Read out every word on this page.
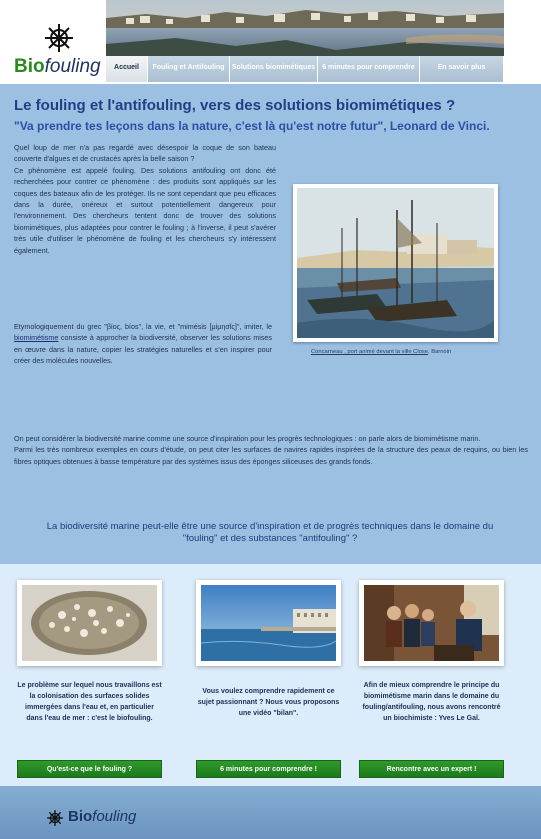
Biofouling	Accueil	Fouling et Antifouling	Solutions biomimétiques	6 minutes pour comprendre	En savoir plus
Le fouling et l'antifouling, vers des solutions biomimétiques ?
"Va prendre tes leçons dans la nature, c'est là qu'est notre futur", Leonard de Vinci.
Quel loup de mer n'a pas regardé avec désespoir la coque de son bateau couverte d'algues et de crustacés après la belle saison ?
Ce phénomène est appelé fouling. Des solutions antifouling ont donc été recherchées pour contrer ce phénomène : des produits sont appliqués sur les coques des bateaux afin de les protéger. Ils ne sont cependant que peu efficaces dans la durée, onéreux et surtout potentiellement dangereux pour l'environnement. Des chercheurs tentent donc de trouver des solutions biomimétiques, plus adaptées pour contrer le fouling ; à l'inverse, il peut s'avérer très utile d'utiliser le phénomène de fouling et les chercheurs s'y intéressent également.
Etymologiquement du grec "βίος, bíos", la vie, et "mimésis [μίμησῐς]", imiter, le biomimétisme consiste à approcher la biodiversité, observer les solutions mises en œuvre dans la nature, copier les stratégies naturelles et s'en inspirer pour créer des molécules nouvelles.
Concarneau , port animé devant la ville Close, Barnoin
On peut considérer la biodiversité marine comme une source d'inspiration pour les progrès technologiques : on parle alors de biomimétisme marin.
Parmi les très nombreux exemples en cours d'étude, on peut citer les surfaces de navires rapides inspirées de la structure des peaux de requins, ou bien les fibres optiques obtenues à basse température par des systèmes issus des éponges siliceuses des grands fonds.

La biodiversité marine peut-elle être une source d'inspiration et de progrès techniques dans le domaine du "fouling" et des substances "antifouling" ?

Le problème sur lequel nous travaillons est la colonisation des surfaces solides immergées dans l'eau et, en particulier dans l'eau de mer : c'est le biofouling.

Qu'est-ce que le fouling ?

Vous voulez comprendre rapidement ce sujet passionnant ? Nous vous proposons une vidéo "bilan".

6 minutes pour comprendre !

Afin de mieux comprendre le principe du biomimétisme marin dans le domaine du fouling/antifouling, nous avons rencontré un biochimiste : Yves Le Gal.

Rencontre avec un expert !
Biofouling
